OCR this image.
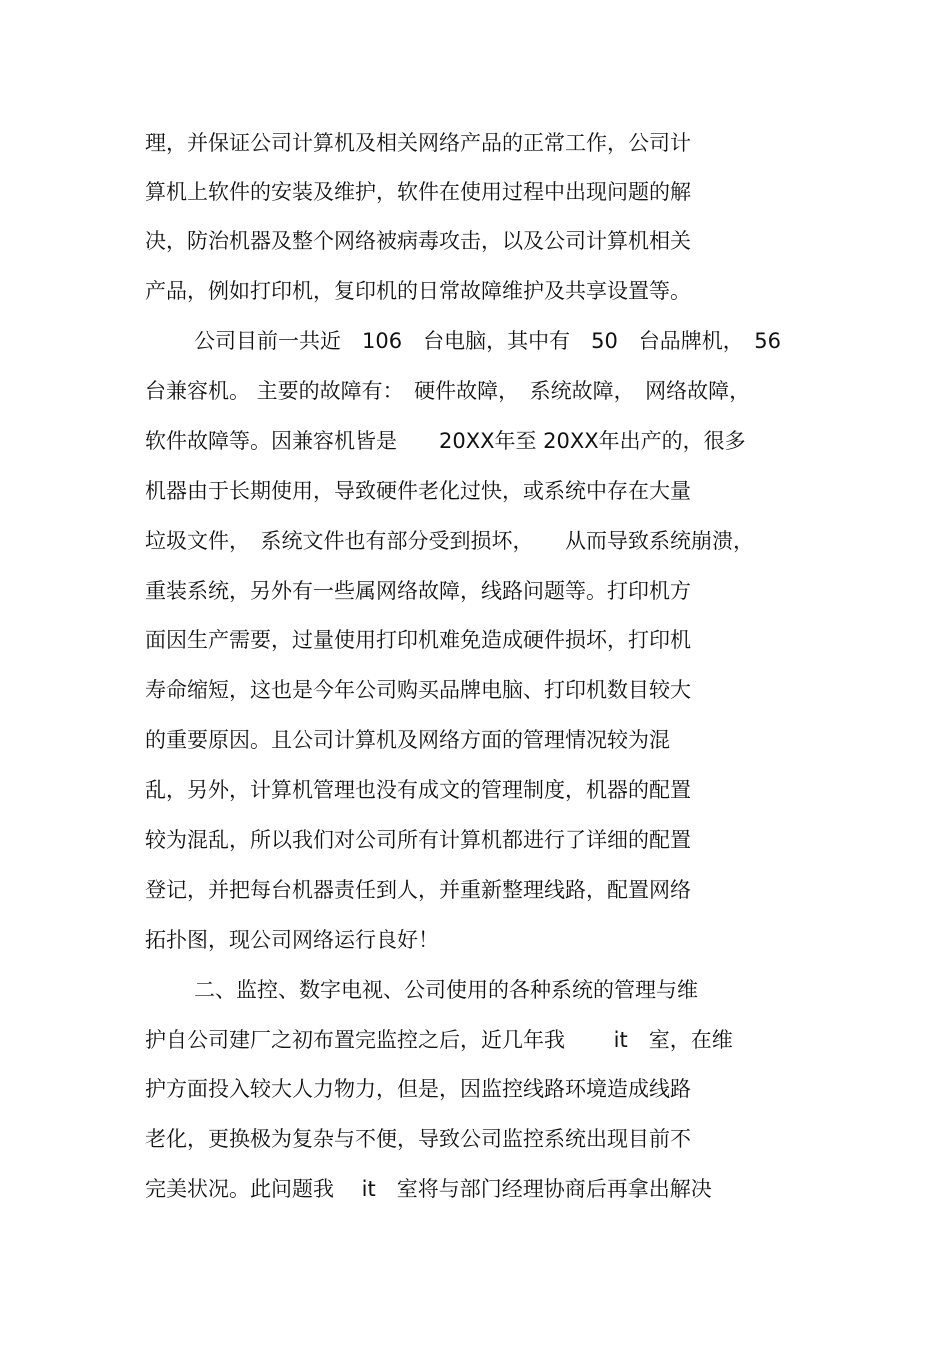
理，并保证公司计算机及相关网络产品的正常工作，公司计
算机上软件的安装及维护，软件在使用过程中出现问题的解
决，防治机器及整个网络被病毒攻击，以及公司计算机相关
产品，例如打印机，复印机的日常故障维护及共享设置等。
公司目前一共近　106　台电脑，其中有　50　台品牌机，　56
台兼容机。 主要的故障有：　硬件故障，　系统故障，　网络故障，
软件故障等。因兼容机皆是　　20XX年至 20XX年出产的，很多
机器由于长期使用，导致硬件老化过快，或系统中存在大量
垃圾文件，　系统文件也有部分受到损坏，　　从而导致系统崩溃，
重装系统，另外有一些属网络故障，线路问题等。打印机方
面因生产需要，过量使用打印机难免造成硬件损坏，打印机
寿命缩短，这也是今年公司购买品牌电脑、打印机数目较大
的重要原因。且公司计算机及网络方面的管理情况较为混
乱，另外，计算机管理也没有成文的管理制度，机器的配置
较为混乱，所以我们对公司所有计算机都进行了详细的配置
登记，并把每台机器责任到人，并重新整理线路，配置网络
拓扑图，现公司网络运行良好！
二、监控、数字电视、公司使用的各种系统的管理与维
护自公司建厂之初布置完监控之后，近几年我　　 it　室，在维
护方面投入较大人力物力，但是，因监控线路环境造成线路
老化，更换极为复杂与不便，导致公司监控系统出现目前不
完美状况。此问题我　 it　室将与部门经理协商后再拿出解决
